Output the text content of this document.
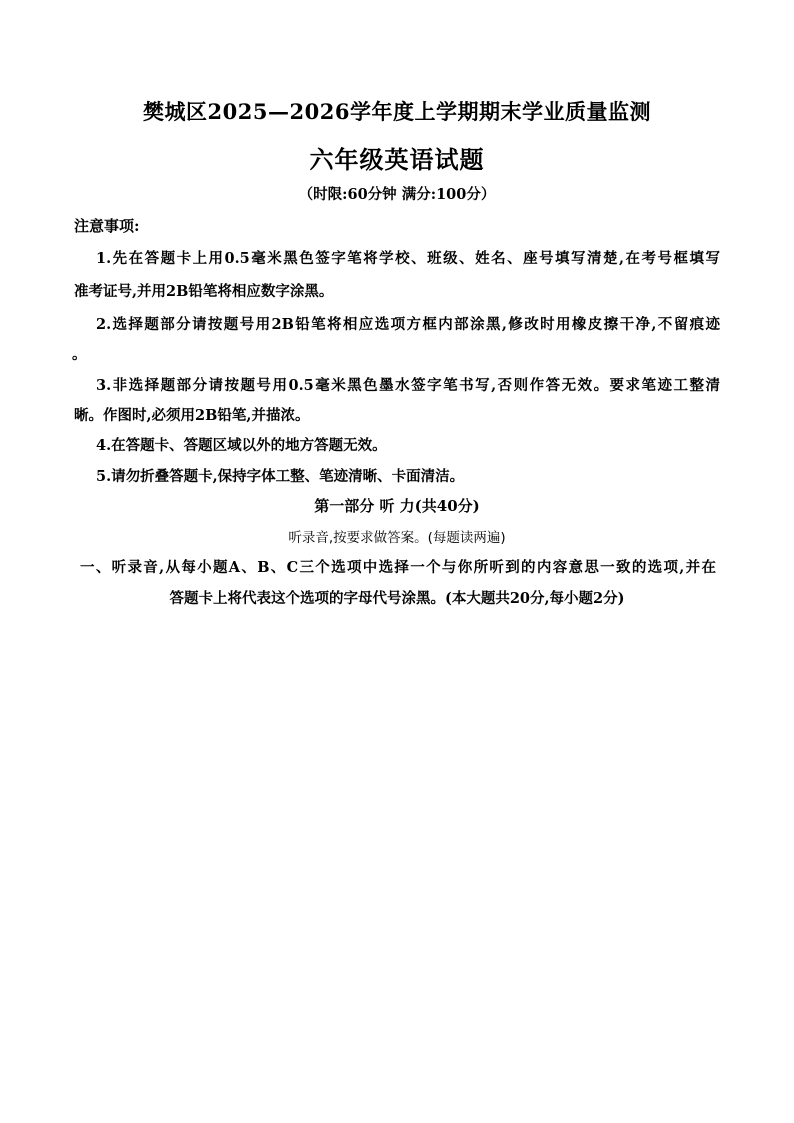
樊城区2025—2026学年度上学期期末学业质量监测
六年级英语试题
（时限:60分钟 满分:100分）
注意事项:
1.先在答题卡上用0.5毫米黑色签字笔将学校、班级、姓名、座号填写清楚,在考号框填写
准考证号,并用2B铅笔将相应数字涂黑。
2.选择题部分请按题号用2B铅笔将相应选项方框内部涂黑,修改时用橡皮擦干净,不留痕迹
。
3.非选择题部分请按题号用0.5毫米黑色墨水签字笔书写,否则作答无效。要求笔迹工整清
晰。作图时,必须用2B铅笔,并描浓。
4.在答题卡、答题区域以外的地方答题无效。
5.请勿折叠答题卡,保持字体工整、笔迹清晰、卡面清洁。
第一部分 听 力(共40分)
听录音,按要求做答案。(每题读两遍)
一、听录音,从每小题A、B、C三个选项中选择一个与你所听到的内容意思一致的选项,并在
答题卡上将代表这个选项的字母代号涂黑。(本大题共20分,每小题2分)
